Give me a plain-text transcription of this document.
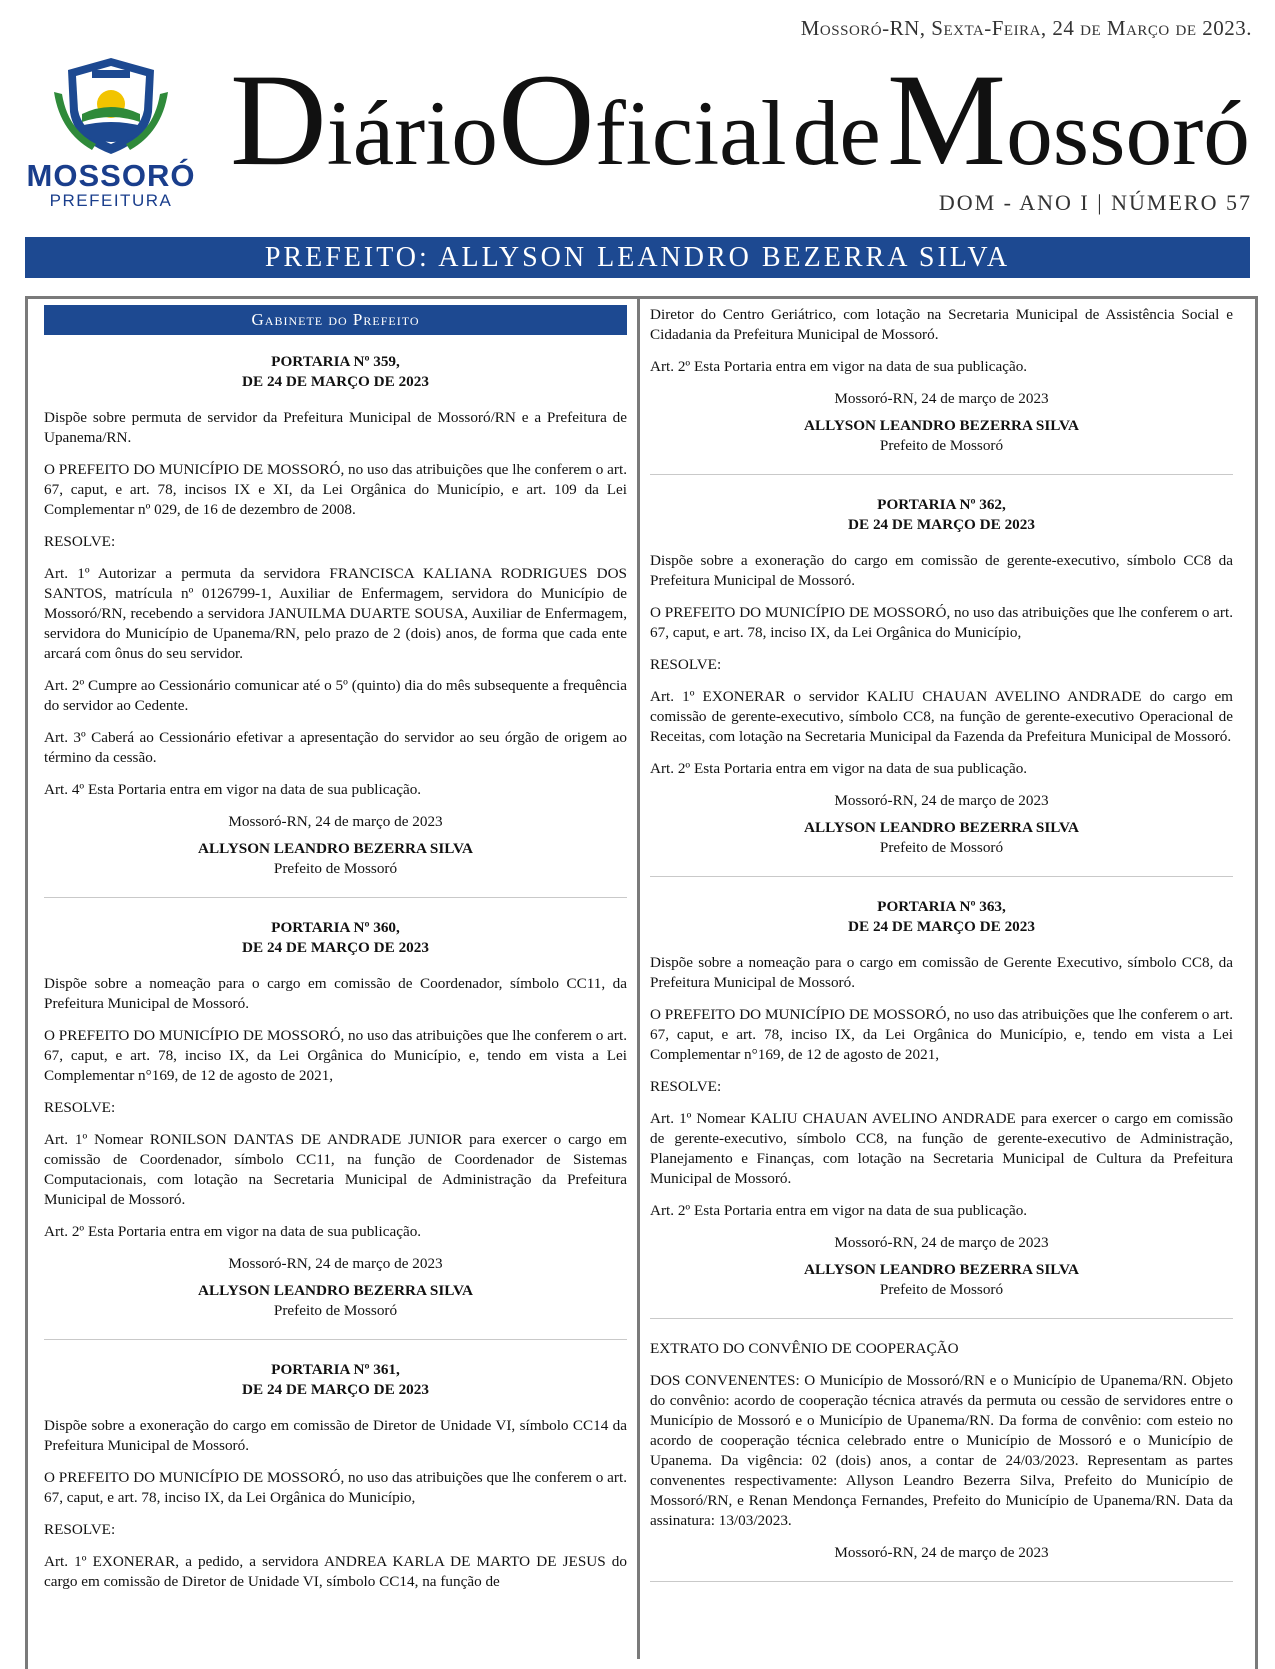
Mossoró-RN, Sexta-Feira, 24 de Março de 2023.
MOSSORÓ
PREFEITURA
DiárioOficialdeMossoró
DOM - ANO I | NÚMERO 57
PREFEITO: ALLYSON LEANDRO BEZERRA SILVA
Gabinete do Prefeito
PORTARIA Nº 359,
DE 24 DE MARÇO DE 2023

Dispõe sobre permuta de servidor da Prefeitura Municipal de Mossoró/RN e a Prefeitura de Upanema/RN.

O PREFEITO DO MUNICÍPIO DE MOSSORÓ, no uso das atribuições que lhe conferem o art. 67, caput, e art. 78, incisos IX e XI, da Lei Orgânica do Município, e art. 109 da Lei Complementar nº 029, de 16 de dezembro de 2008.

RESOLVE:

Art. 1º Autorizar a permuta da servidora FRANCISCA KALIANA RODRIGUES DOS SANTOS, matrícula nº 0126799-1, Auxiliar de Enfermagem, servidora do Município de Mossoró/RN, recebendo a servidora JANUILMA DUARTE SOUSA, Auxiliar de Enfermagem, servidora do Município de Upanema/RN, pelo prazo de 2 (dois) anos, de forma que cada ente arcará com ônus do seu servidor.

Art. 2º Cumpre ao Cessionário comunicar até o 5º (quinto) dia do mês subsequente a frequência do servidor ao Cedente.

Art. 3º Caberá ao Cessionário efetivar a apresentação do servidor ao seu órgão de origem ao término da cessão.

Art. 4º Esta Portaria entra em vigor na data de sua publicação.

Mossoró-RN, 24 de março de 2023

ALLYSON LEANDRO BEZERRA SILVA

Prefeito de Mossoró

PORTARIA Nº 360,
DE 24 DE MARÇO DE 2023

Dispõe sobre a nomeação para o cargo em comissão de Coordenador, símbolo CC11, da Prefeitura Municipal de Mossoró.

O PREFEITO DO MUNICÍPIO DE MOSSORÓ, no uso das atribuições que lhe conferem o art. 67, caput, e art. 78, inciso IX, da Lei Orgânica do Município, e, tendo em vista a Lei Complementar n°169, de 12 de agosto de 2021,

RESOLVE:

Art. 1º Nomear RONILSON DANTAS DE ANDRADE JUNIOR para exercer o cargo em comissão de Coordenador, símbolo CC11, na função de Coordenador de Sistemas Computacionais, com lotação na Secretaria Municipal de Administração da Prefeitura Municipal de Mossoró.

Art. 2º Esta Portaria entra em vigor na data de sua publicação.

Mossoró-RN, 24 de março de 2023

ALLYSON LEANDRO BEZERRA SILVA

Prefeito de Mossoró

PORTARIA Nº 361,
DE 24 DE MARÇO DE 2023

Dispõe sobre a exoneração do cargo em comissão de Diretor de Unidade VI, símbolo CC14 da Prefeitura Municipal de Mossoró.

O PREFEITO DO MUNICÍPIO DE MOSSORÓ, no uso das atribuições que lhe conferem o art. 67, caput, e art. 78, inciso IX, da Lei Orgânica do Município,

RESOLVE:

Art. 1º EXONERAR, a pedido, a servidora ANDREA KARLA DE MARTO DE JESUS do cargo em comissão de Diretor de Unidade VI, símbolo CC14, na função de

Diretor do Centro Geriátrico, com lotação na Secretaria Municipal de Assistência Social e Cidadania da Prefeitura Municipal de Mossoró.

Art. 2º Esta Portaria entra em vigor na data de sua publicação.

Mossoró-RN, 24 de março de 2023

ALLYSON LEANDRO BEZERRA SILVA

Prefeito de Mossoró

PORTARIA Nº 362,
DE 24 DE MARÇO DE 2023

Dispõe sobre a exoneração do cargo em comissão de gerente-executivo, símbolo CC8 da Prefeitura Municipal de Mossoró.

O PREFEITO DO MUNICÍPIO DE MOSSORÓ, no uso das atribuições que lhe conferem o art. 67, caput, e art. 78, inciso IX, da Lei Orgânica do Município,

RESOLVE:

Art. 1º EXONERAR o servidor KALIU CHAUAN AVELINO ANDRADE do cargo em comissão de gerente-executivo, símbolo CC8, na função de gerente-executivo Operacional de Receitas, com lotação na Secretaria Municipal da Fazenda da Prefeitura Municipal de Mossoró.

Art. 2º Esta Portaria entra em vigor na data de sua publicação.

Mossoró-RN, 24 de março de 2023

ALLYSON LEANDRO BEZERRA SILVA

Prefeito de Mossoró

PORTARIA Nº 363,
DE 24 DE MARÇO DE 2023

Dispõe sobre a nomeação para o cargo em comissão de Gerente Executivo, símbolo CC8, da Prefeitura Municipal de Mossoró.

O PREFEITO DO MUNICÍPIO DE MOSSORÓ, no uso das atribuições que lhe conferem o art. 67, caput, e art. 78, inciso IX, da Lei Orgânica do Município, e, tendo em vista a Lei Complementar n°169, de 12 de agosto de 2021,

RESOLVE:

Art. 1º Nomear KALIU CHAUAN AVELINO ANDRADE para exercer o cargo em comissão de gerente-executivo, símbolo CC8, na função de gerente-executivo de Administração, Planejamento e Finanças, com lotação na Secretaria Municipal de Cultura da Prefeitura Municipal de Mossoró.

Art. 2º Esta Portaria entra em vigor na data de sua publicação.

Mossoró-RN, 24 de março de 2023

ALLYSON LEANDRO BEZERRA SILVA

Prefeito de Mossoró

EXTRATO DO CONVÊNIO DE COOPERAÇÃO

DOS CONVENENTES: O Município de Mossoró/RN e o Município de Upanema/RN. Objeto do convênio: acordo de cooperação técnica através da permuta ou cessão de servidores entre o Município de Mossoró e o Município de Upanema/RN. Da forma de convênio: com esteio no acordo de cooperação técnica celebrado entre o Município de Mossoró e o Município de Upanema. Da vigência: 02 (dois) anos, a contar de 24/03/2023. Representam as partes convenentes respectivamente: Allyson Leandro Bezerra Silva, Prefeito do Município de Mossoró/RN, e Renan Mendonça Fernandes, Prefeito do Município de Upanema/RN. Data da assinatura: 13/03/2023.

Mossoró-RN, 24 de março de 2023
